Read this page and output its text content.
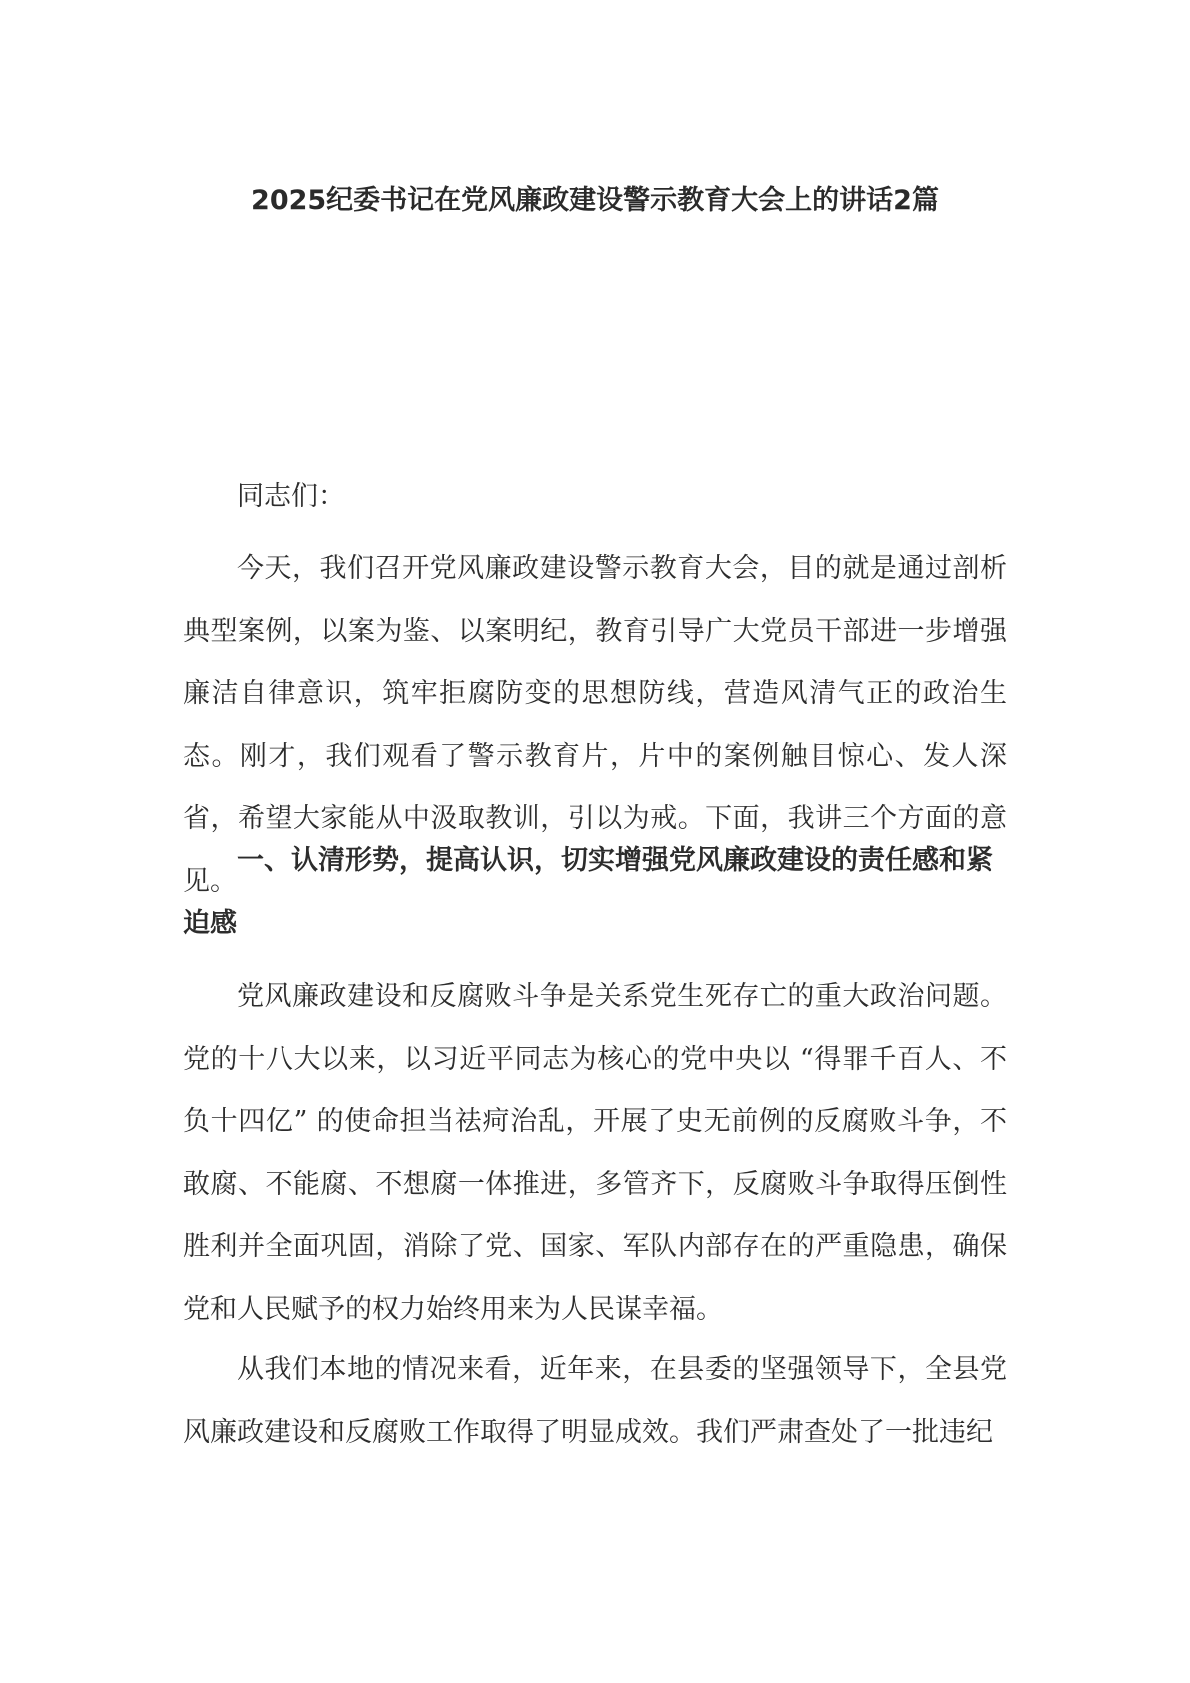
2025纪委书记在党风廉政建设警示教育大会上的讲话2篇

同志们：

今天，我们召开党风廉政建设警示教育大会，目的就是通过剖析典型案例，以案为鉴、以案明纪，教育引导广大党员干部进一步增强廉洁自律意识，筑牢拒腐防变的思想防线，营造风清气正的政治生态。刚才，我们观看了警示教育片，片中的案例触目惊心、发人深省，希望大家能从中汲取教训，引以为戒。下面，我讲三个方面的意见。

一、认清形势，提高认识，切实增强党风廉政建设的责任感和紧迫感

党风廉政建设和反腐败斗争是关系党生死存亡的重大政治问题。党的十八大以来，以习近平同志为核心的党中央以 “得罪千百人、不负十四亿” 的使命担当祛疴治乱，开展了史无前例的反腐败斗争，不敢腐、不能腐、不想腐一体推进，多管齐下，反腐败斗争取得压倒性胜利并全面巩固，消除了党、国家、军队内部存在的严重隐患，确保党和人民赋予的权力始终用来为人民谋幸福。

从我们本地的情况来看，近年来，在县委的坚强领导下，全县党风廉政建设和反腐败工作取得了明显成效。我们严肃查处了一批违纪
